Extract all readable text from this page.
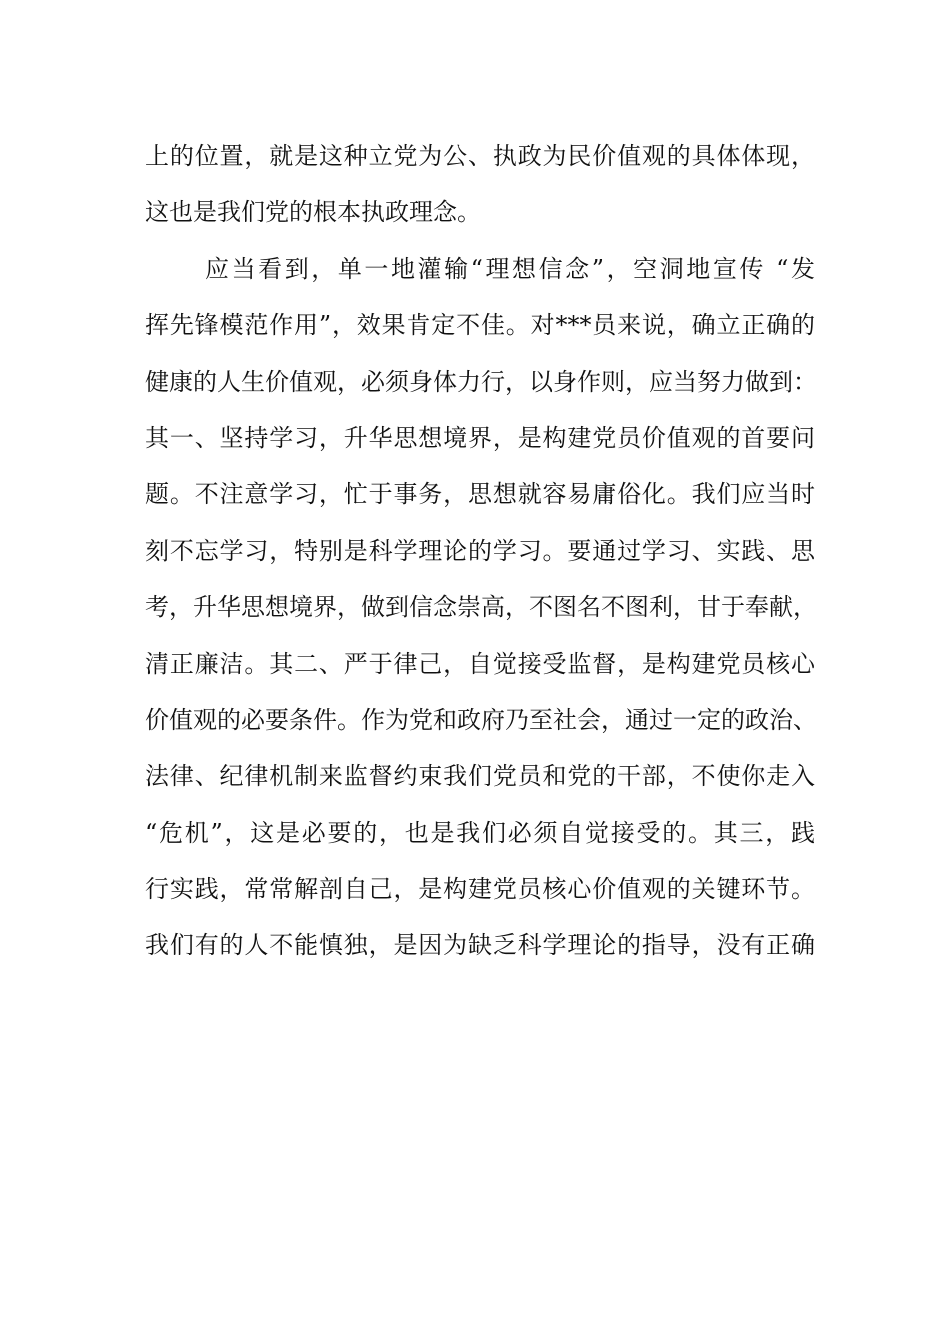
上的位置，就是这种立党为公、执政为民价值观的具体体现，
这也是我们党的根本执政理念。
应当看到，单一地灌输“理想信念”，空洞地宣传 “发
挥先锋模范作用”，效果肯定不佳。对***员来说，确立正确的
健康的人生价值观，必须身体力行，以身作则，应当努力做到：
其一、坚持学习，升华思想境界，是构建党员价值观的首要问
题。不注意学习，忙于事务，思想就容易庸俗化。我们应当时
刻不忘学习，特别是科学理论的学习。要通过学习、实践、思
考，升华思想境界，做到信念崇高，不图名不图利，甘于奉献，
清正廉洁。其二、严于律己，自觉接受监督，是构建党员核心
价值观的必要条件。作为党和政府乃至社会，通过一定的政治、
法律、纪律机制来监督约束我们党员和党的干部，不使你走入
“危机”，这是必要的，也是我们必须自觉接受的。其三，践
行实践，常常解剖自己，是构建党员核心价值观的关键环节。
我们有的人不能慎独，是因为缺乏科学理论的指导，没有正确
